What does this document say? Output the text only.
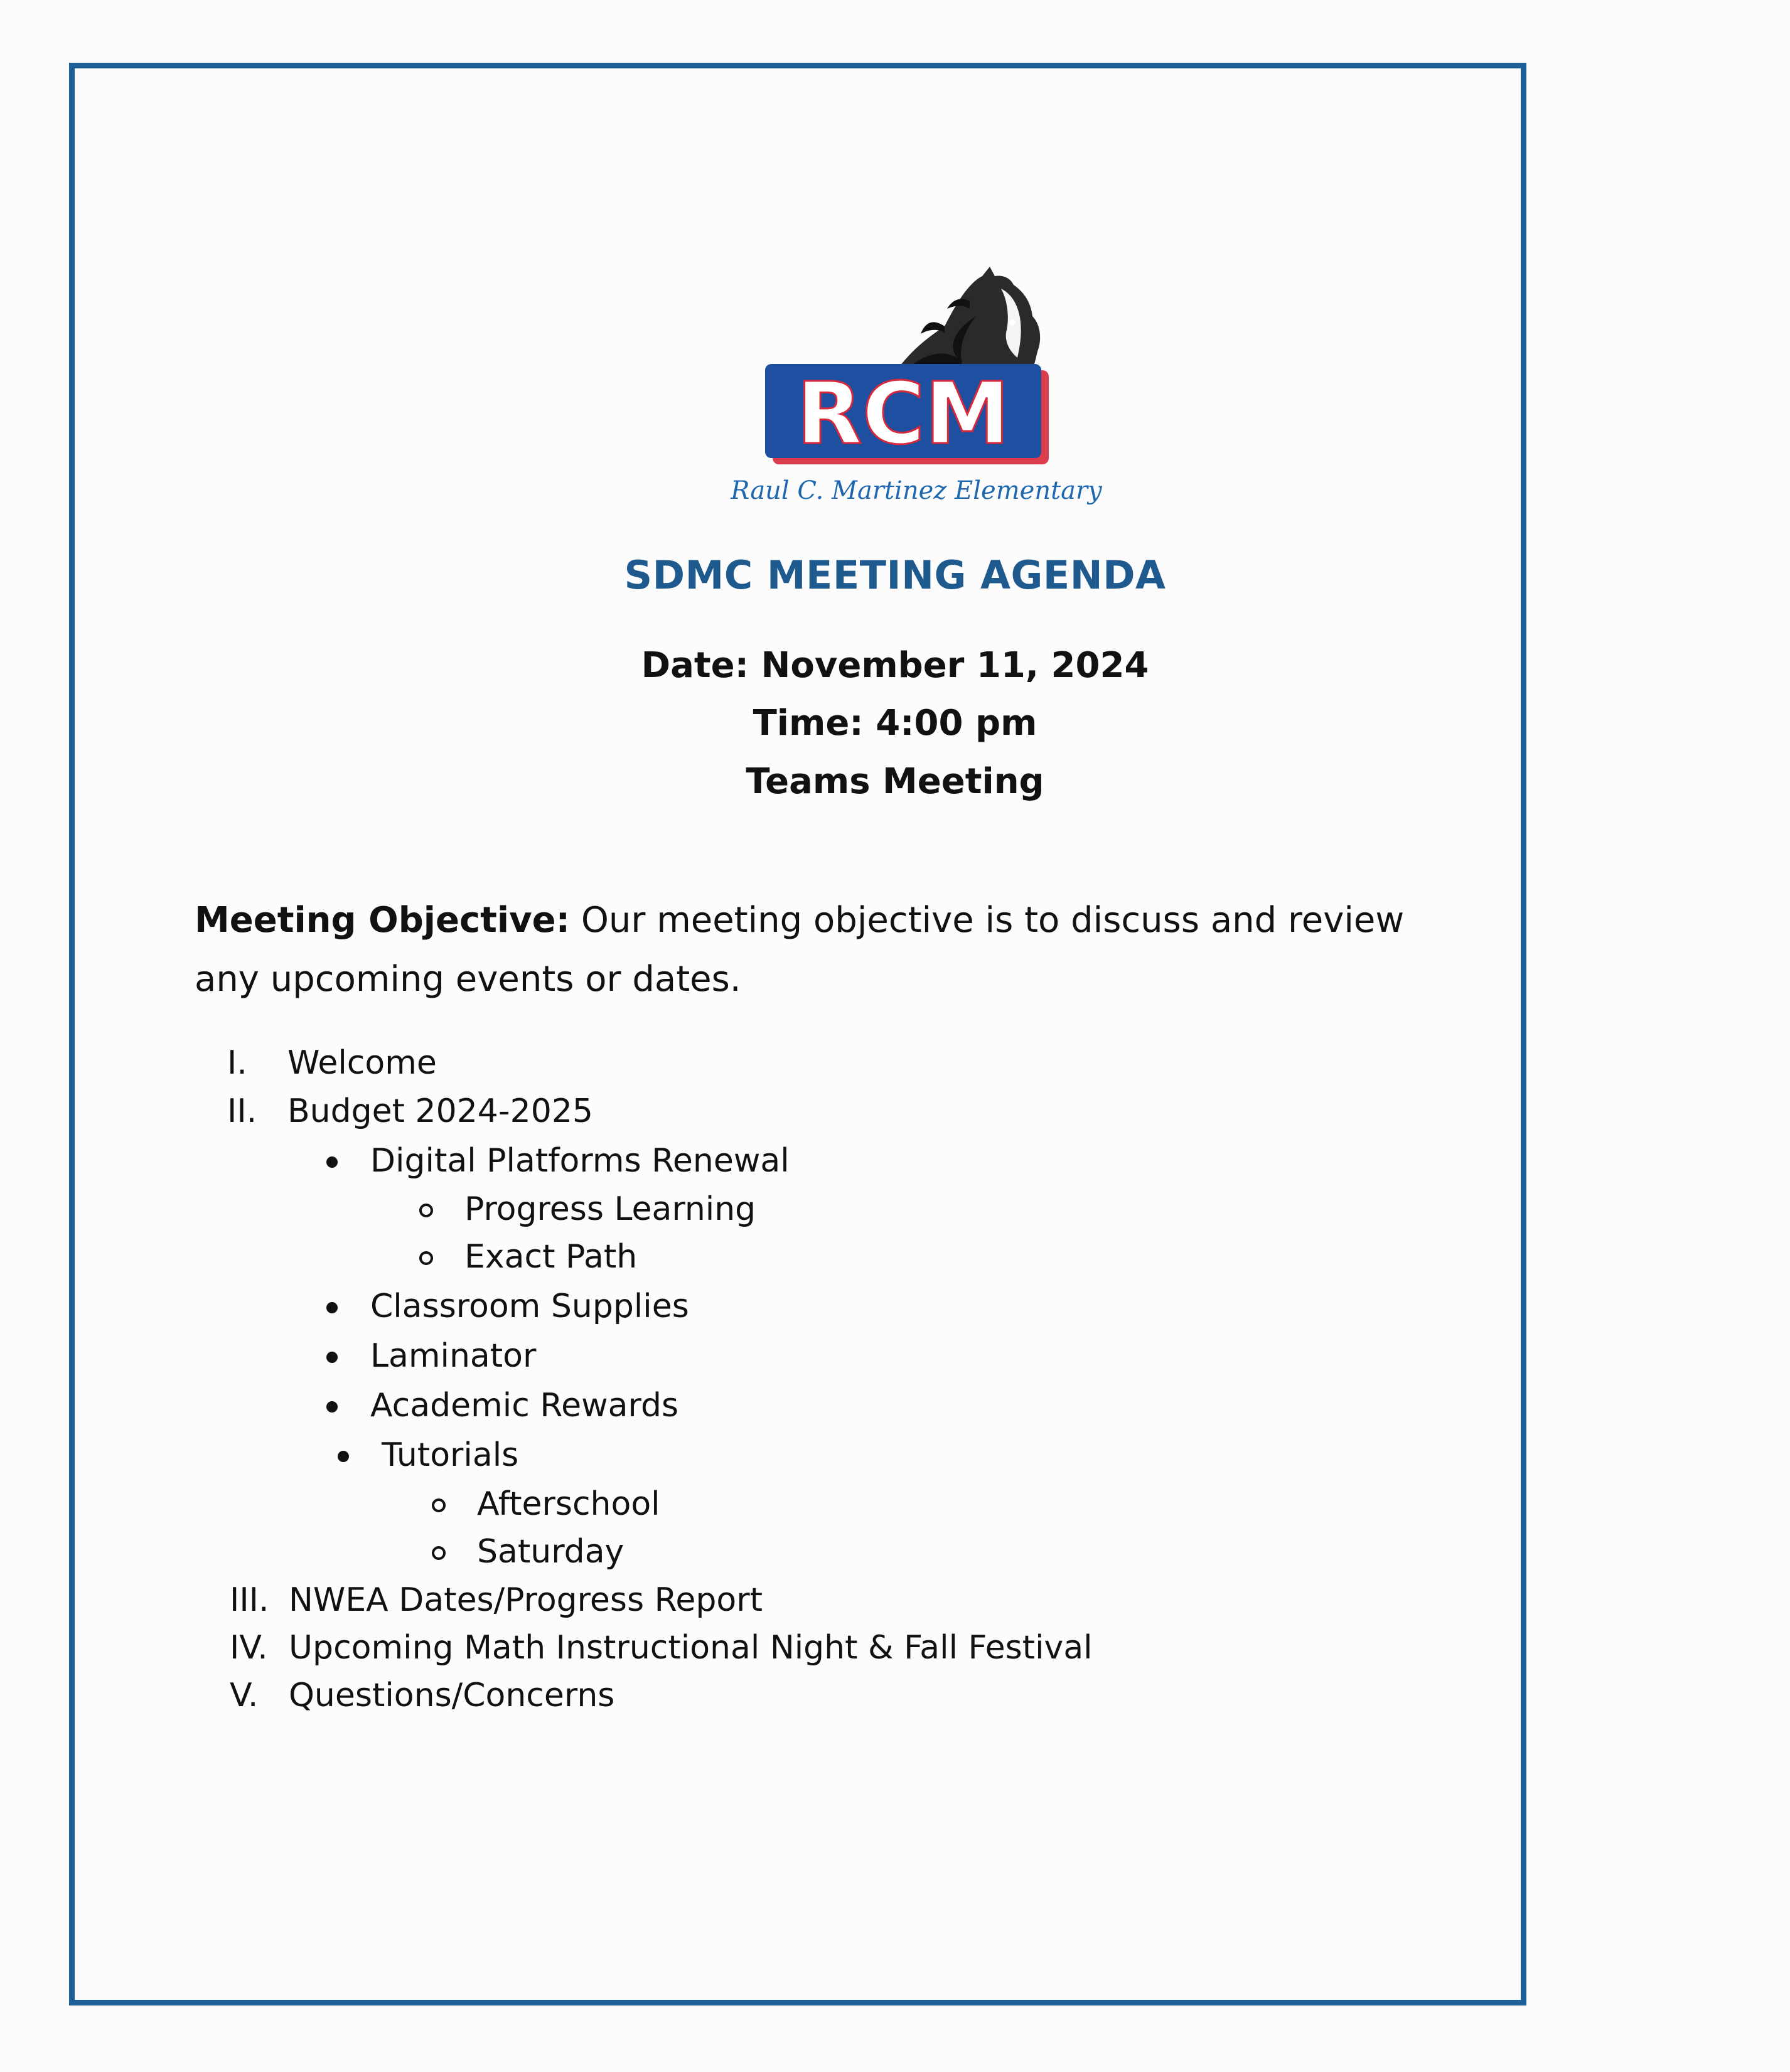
RCM
Raul C. Martinez Elementary
SDMC MEETING AGENDA
Date: November 11, 2024
Time: 4:00 pm
Teams Meeting
Meeting Objective: Our meeting objective is to discuss and review any upcoming events or dates.
I. Welcome
II. Budget 2024-2025
Digital Platforms Renewal
Progress Learning
Exact Path
Classroom Supplies
Laminator
Academic Rewards
Tutorials
Afterschool
Saturday
III. NWEA Dates/Progress Report
IV. Upcoming Math Instructional Night & Fall Festival
V. Questions/Concerns
